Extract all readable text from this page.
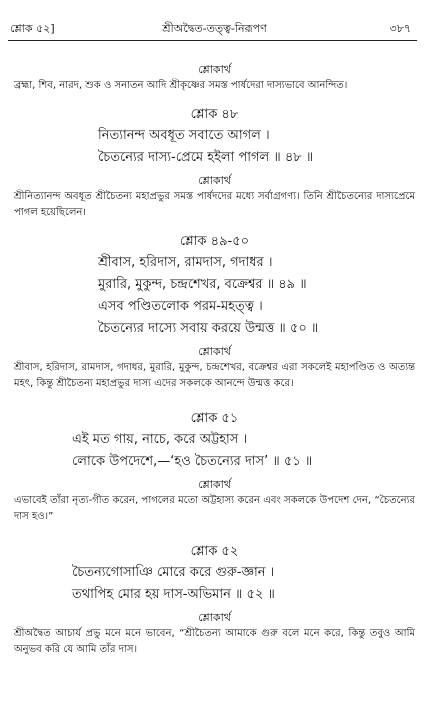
শ্লোক ৫২]	শ্রীঅদ্বৈত-তত্ত্ব-নিরূপণ	৩৮৭

শ্লোকার্থ

ব্রহ্মা, শিব, নারদ, শুক ও সনাতন আদি শ্রীকৃষ্ণের সমস্ত পার্ষদেরা দাস্যভাবে আনন্দিত।

শ্লোক ৪৮

নিত্যানন্দ অবধূত সবাতে আগল ।

চৈতন্যের দাস্য-প্রেমে হইলা পাগল ॥ ৪৮ ॥

শ্লোকার্থ

শ্রীনিত্যানন্দ অবধূত শ্রীচৈতন্য মহাপ্রভুর সমস্ত পার্ষদদের মধ্যে সর্বাগ্রগণ্য। তিনি শ্রীচৈতন্যের দাস্যপ্রেমে পাগল হয়েছিলেন।

শ্লোক ৪৯-৫০

শ্রীবাস, হরিদাস, রামদাস, গদাধর ।

মুরারি, মুকুন্দ, চন্দ্রশেখর, বক্রেশ্বর ॥ ৪৯ ॥

এসব পণ্ডিতলোক পরম-মহত্ত্ব ।

চৈতন্যের দাস্যে সবায় করয়ে উন্মত্ত ॥ ৫০ ॥

শ্লোকার্থ

শ্রীবাস, হরিদাস, রামদাস, গদাধর, মুরারি, মুকুন্দ, চন্দ্রশেখর, বক্রেশ্বর এরা সকলেই মহাপণ্ডিত ও অত্যন্ত মহৎ, কিন্তু শ্রীচৈতন্য মহাপ্রভুর দাস্য এদের সকলকে আনন্দে উন্মত্ত করে।

শ্লোক ৫১

এই মত গায়, নাচে, করে অট্টহাস ।

লোকে উপদেশে,—‘হও চৈতন্যের দাস’ ॥ ৫১ ॥

শ্লোকার্থ

এভাবেই তাঁরা নৃত্য-গীত করেন, পাগলের মতো অট্টহাস্য করেন এবং সকলকে উপদেশ দেন, “চৈতন্যের দাস হও।”

শ্লোক ৫২

চৈতন্যগোসাঞি মোরে করে গুরু-জ্ঞান ।

তথাপিহ মোর হয় দাস-অভিমান ॥ ৫২ ॥

শ্লোকার্থ

শ্রীঅদ্বৈত আচার্য প্রভু মনে মনে ভাবেন, “শ্রীচৈতন্য আমাকে গুরু বলে মনে করে, কিন্তু তবুও আমি অনুভব করি যে আমি তাঁর দাস।
